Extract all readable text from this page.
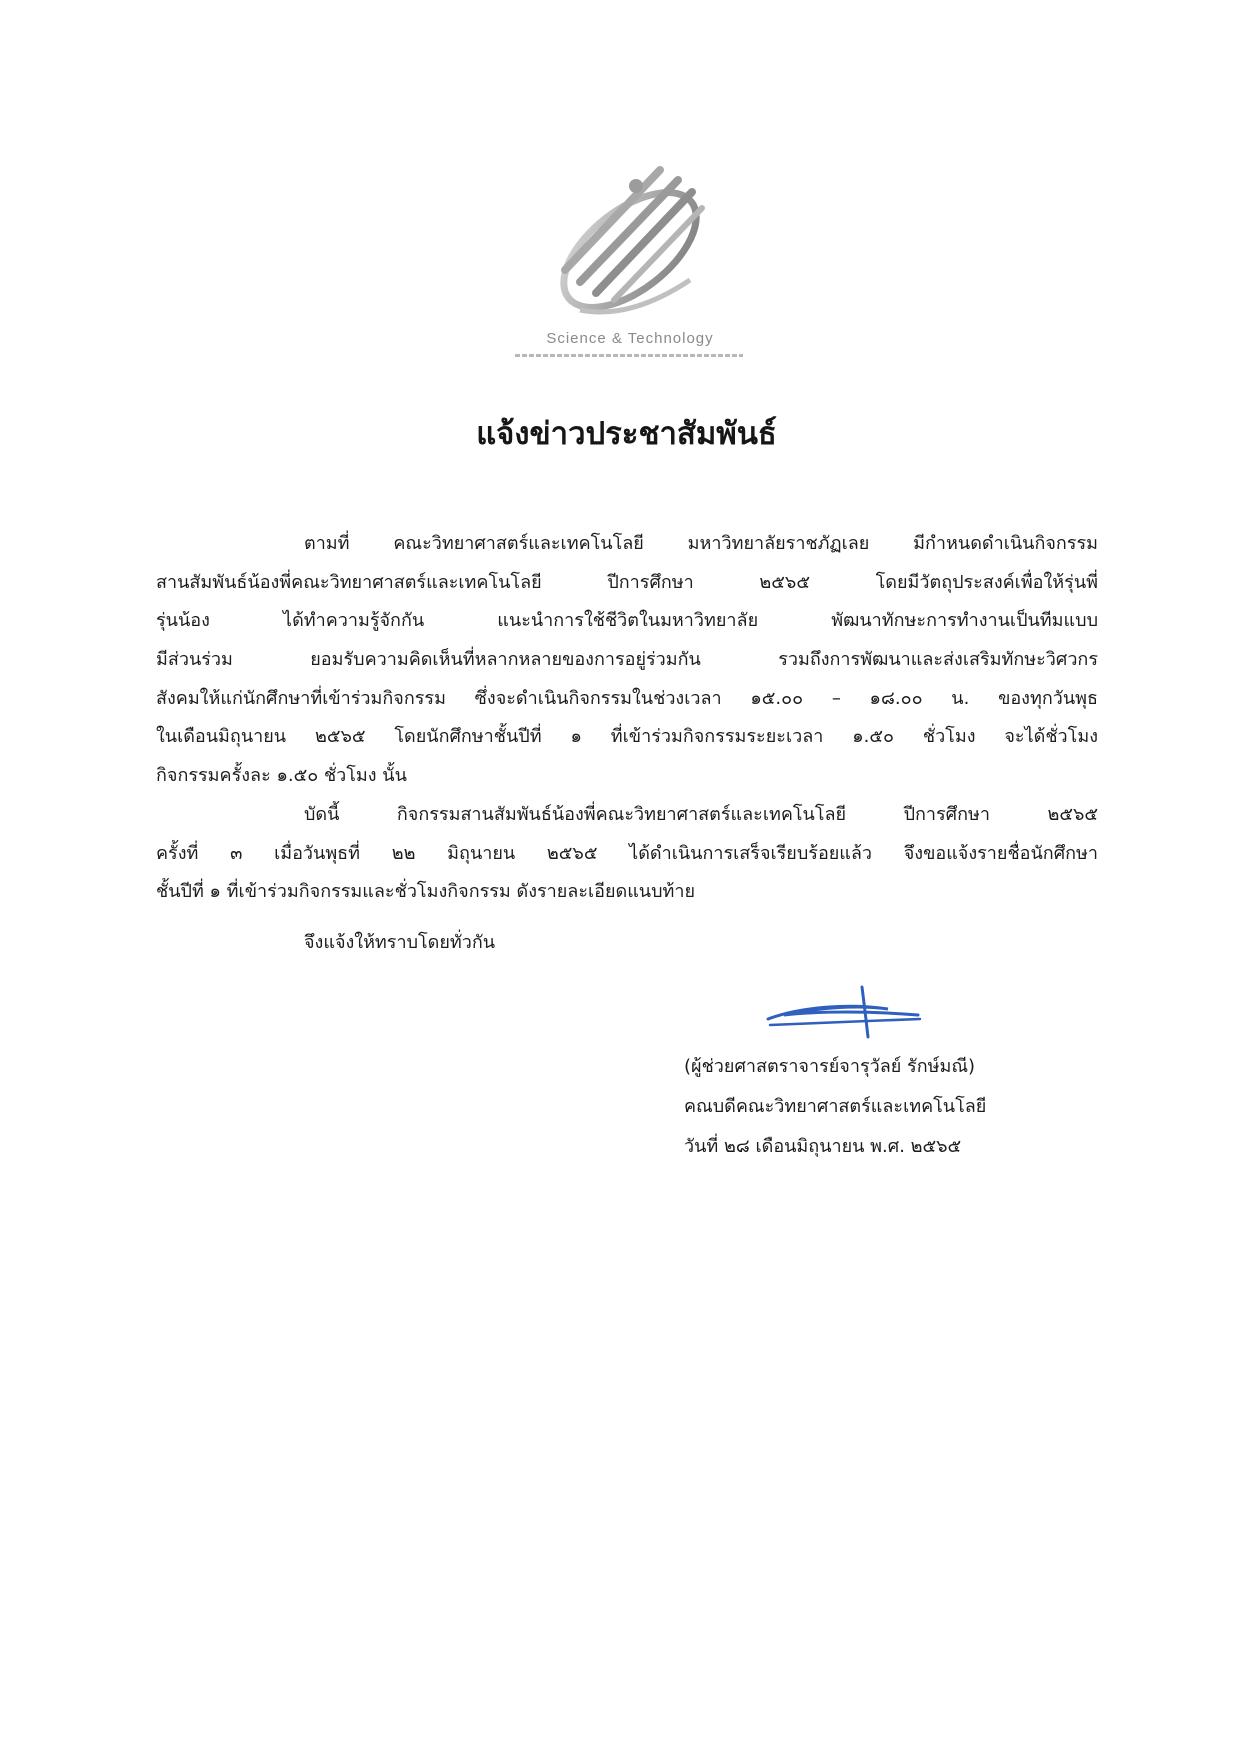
Science & Technology
แจ้งข่าวประชาสัมพันธ์
ตามที่ คณะวิทยาศาสตร์และเทคโนโลยี มหาวิทยาลัยราชภัฏเลย มีกำหนดดำเนินกิจกรรม
สานสัมพันธ์น้องพี่คณะวิทยาศาสตร์และเทคโนโลยี ปีการศึกษา ๒๕๖๕ โดยมีวัตถุประสงค์เพื่อให้รุ่นพี่
รุ่นน้อง ได้ทำความรู้จักกัน แนะนำการใช้ชีวิตในมหาวิทยาลัย พัฒนาทักษะการทำงานเป็นทีมแบบ
มีส่วนร่วม ยอมรับความคิดเห็นที่หลากหลายของการอยู่ร่วมกัน รวมถึงการพัฒนาและส่งเสริมทักษะวิศวกร
สังคมให้แก่นักศึกษาที่เข้าร่วมกิจกรรม ซึ่งจะดำเนินกิจกรรมในช่วงเวลา ๑๕.๐๐ – ๑๘.๐๐ น. ของทุกวันพุธ
ในเดือนมิถุนายน ๒๕๖๕ โดยนักศึกษาชั้นปีที่ ๑ ที่เข้าร่วมกิจกรรมระยะเวลา ๑.๕๐ ชั่วโมง จะได้ชั่วโมง
กิจกรรมครั้งละ ๑.๕๐ ชั่วโมง นั้น
บัดนี้ กิจกรรมสานสัมพันธ์น้องพี่คณะวิทยาศาสตร์และเทคโนโลยี ปีการศึกษา ๒๕๖๕
ครั้งที่ ๓ เมื่อวันพุธที่ ๒๒ มิถุนายน ๒๕๖๕ ได้ดำเนินการเสร็จเรียบร้อยแล้ว จึงขอแจ้งรายชื่อนักศึกษา
ชั้นปีที่ ๑ ที่เข้าร่วมกิจกรรมและชั่วโมงกิจกรรม ดังรายละเอียดแนบท้าย
จึงแจ้งให้ทราบโดยทั่วกัน
(ผู้ช่วยศาสตราจารย์จารุวัลย์ รักษ์มณี)
คณบดีคณะวิทยาศาสตร์และเทคโนโลยี
วันที่ ๒๘ เดือนมิถุนายน พ.ศ. ๒๕๖๕
